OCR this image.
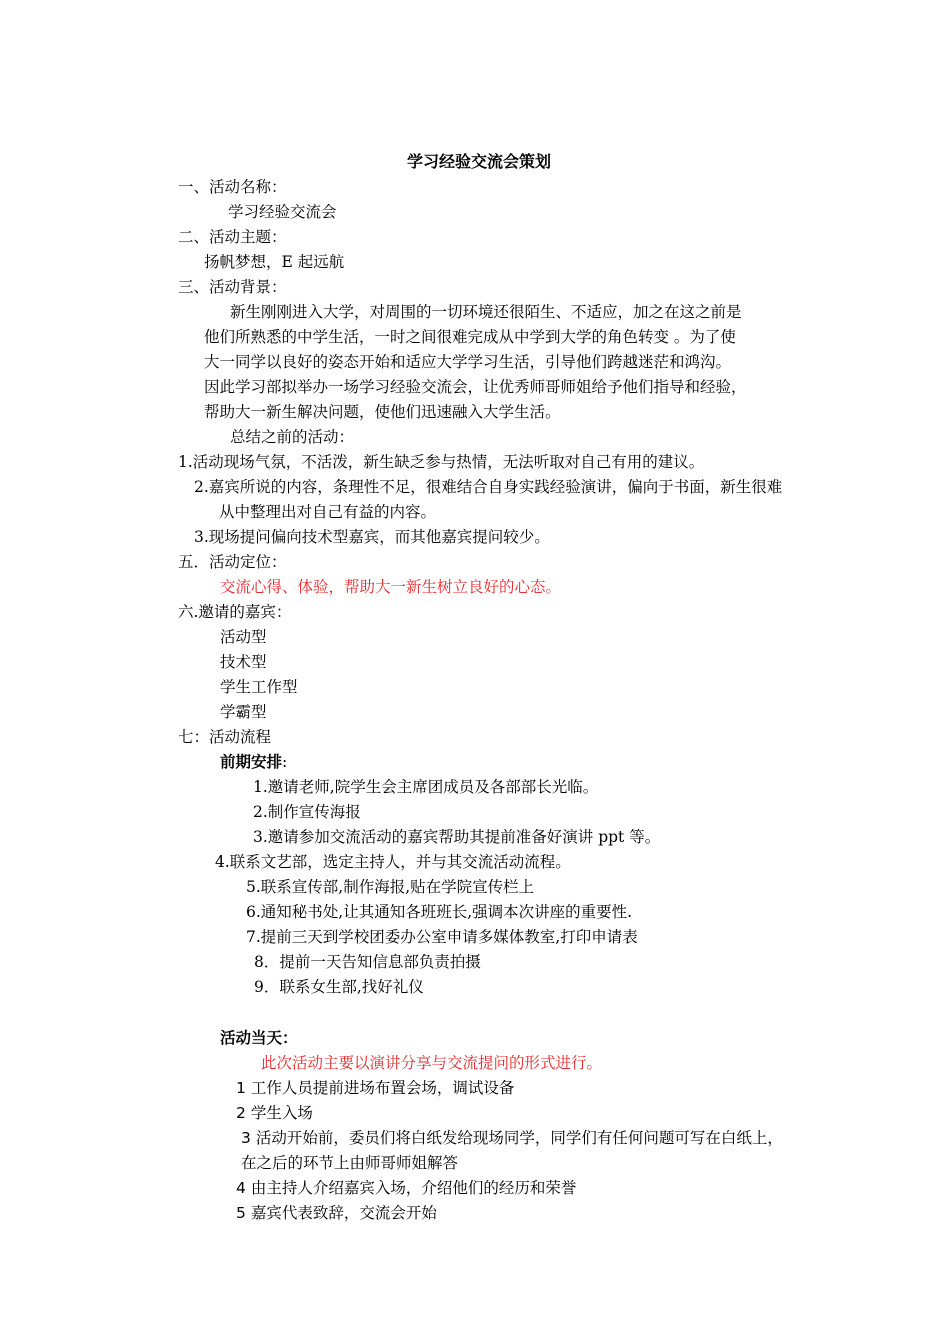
学习经验交流会策划
一、活动名称：
学习经验交流会
二、活动主题：
扬帆梦想，E 起远航
三、活动背景：
新生刚刚进入大学，对周围的一切环境还很陌生、不适应，加之在这之前是
他们所熟悉的中学生活，一时之间很难完成从中学到大学的角色转变 。为了使
大一同学以良好的姿态开始和适应大学学习生活，引导他们跨越迷茫和鸿沟。
因此学习部拟举办一场学习经验交流会，让优秀师哥师姐给予他们指导和经验，
帮助大一新生解决问题，使他们迅速融入大学生活。
总结之前的活动：
1.活动现场气氛，不活泼，新生缺乏参与热情，无法听取对自己有用的建议。
2.嘉宾所说的内容，条理性不足，很难结合自身实践经验演讲，偏向于书面，新生很难
从中整理出对自己有益的内容。
3.现场提问偏向技术型嘉宾，而其他嘉宾提问较少。
五．活动定位：
交流心得、体验，帮助大一新生树立良好的心态。
六.邀请的嘉宾：
活动型
技术型
学生工作型
学霸型
七：活动流程
前期安排:
1.邀请老师,院学生会主席团成员及各部部长光临。
2.制作宣传海报
3.邀请参加交流活动的嘉宾帮助其提前准备好演讲 ppt 等。
4.联系文艺部，选定主持人，并与其交流活动流程。
5.联系宣传部,制作海报,贴在学院宣传栏上
6.通知秘书处,让其通知各班班长,强调本次讲座的重要性.
7.提前三天到学校团委办公室申请多媒体教室,打印申请表
8．提前一天告知信息部负责拍摄
9．联系女生部,找好礼仪
活动当天：
此次活动主要以演讲分享与交流提问的形式进行。
1 工作人员提前进场布置会场，调试设备
2 学生入场
3 活动开始前，委员们将白纸发给现场同学，同学们有任何问题可写在白纸上，
在之后的环节上由师哥师姐解答
4 由主持人介绍嘉宾入场，介绍他们的经历和荣誉
5 嘉宾代表致辞，交流会开始
